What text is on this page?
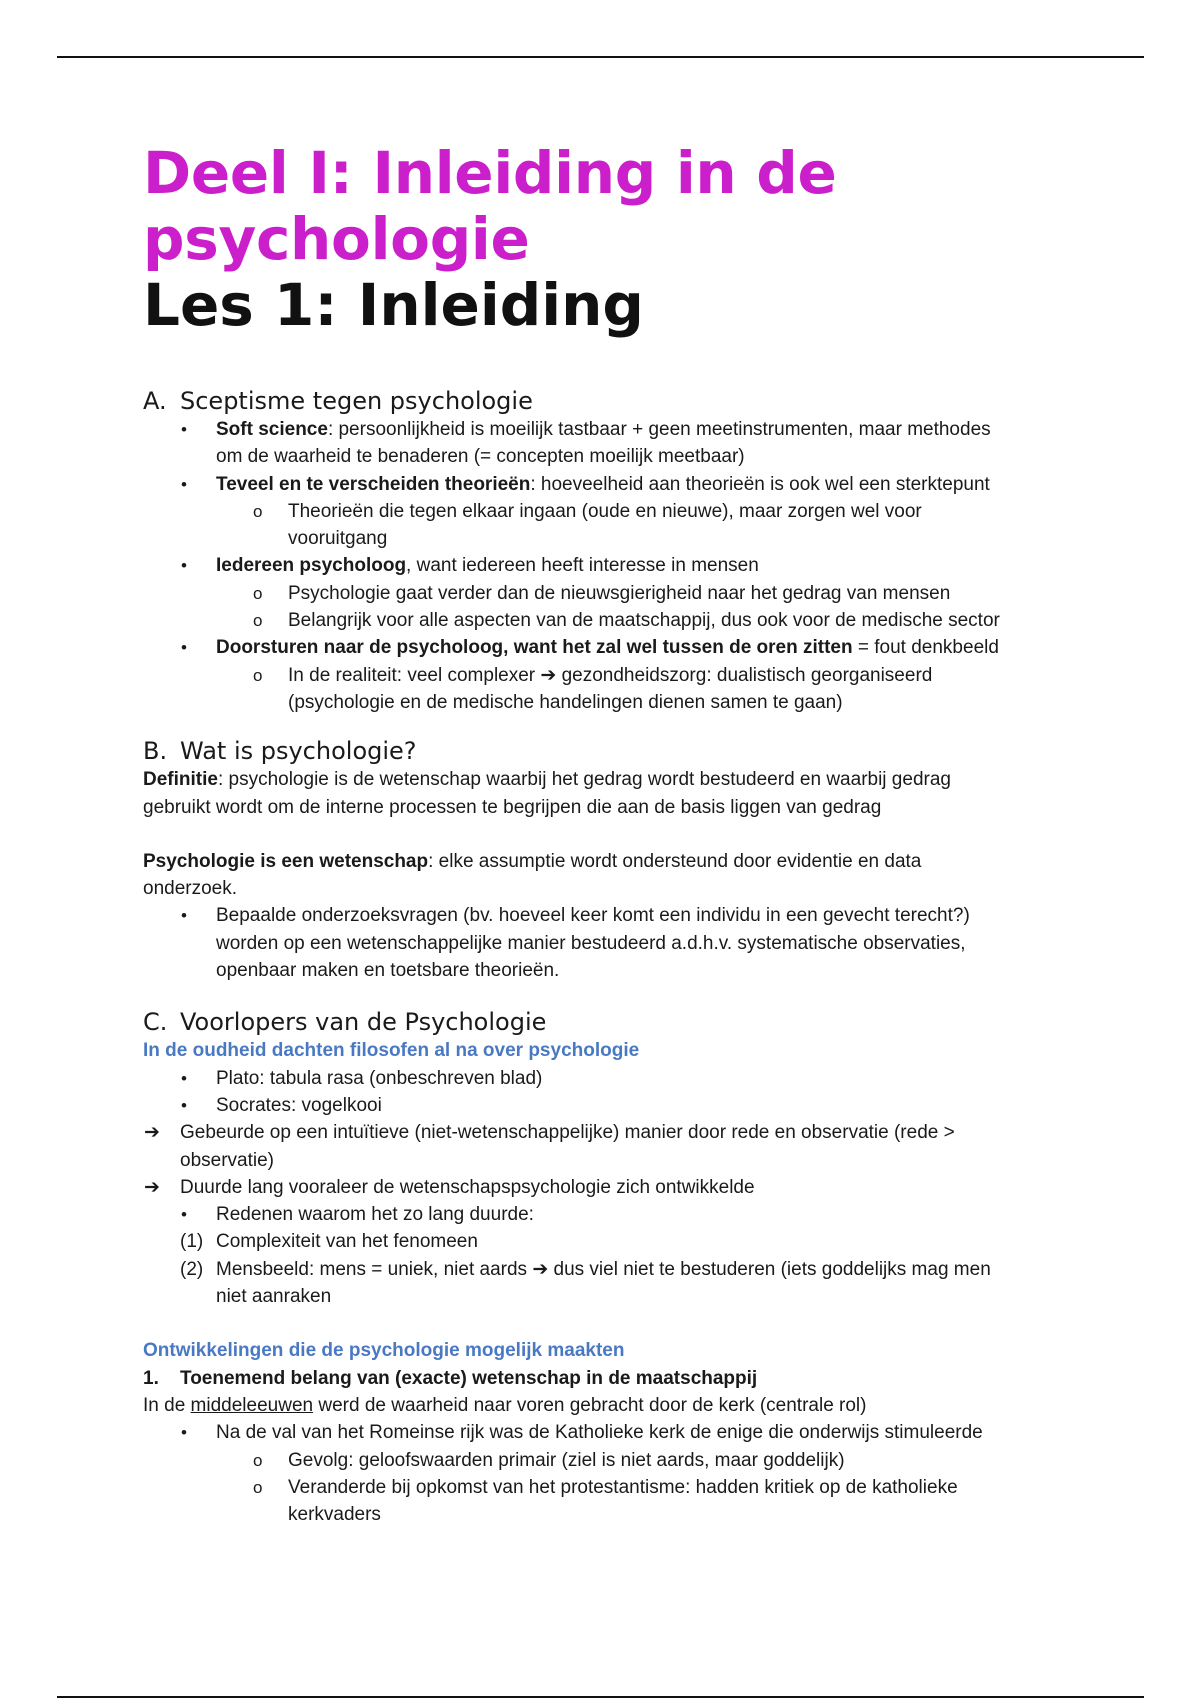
Deel I: Inleiding in de
psychologie
Les 1: Inleiding
A. Sceptisme tegen psychologie
• Soft science: persoonlijkheid is moeilijk tastbaar + geen meetinstrumenten, maar methodes
om de waarheid te benaderen (= concepten moeilijk meetbaar)
• Teveel en te verscheiden theorieën: hoeveelheid aan theorieën is ook wel een sterktepunt
o Theorieën die tegen elkaar ingaan (oude en nieuwe), maar zorgen wel voor
vooruitgang
• Iedereen psycholoog, want iedereen heeft interesse in mensen
o Psychologie gaat verder dan de nieuwsgierigheid naar het gedrag van mensen
o Belangrijk voor alle aspecten van de maatschappij, dus ook voor de medische sector
• Doorsturen naar de psycholoog, want het zal wel tussen de oren zitten = fout denkbeeld
o In de realiteit: veel complexer ➔ gezondheidszorg: dualistisch georganiseerd
(psychologie en de medische handelingen dienen samen te gaan)
B. Wat is psychologie?
Definitie: psychologie is de wetenschap waarbij het gedrag wordt bestudeerd en waarbij gedrag
gebruikt wordt om de interne processen te begrijpen die aan de basis liggen van gedrag
Psychologie is een wetenschap: elke assumptie wordt ondersteund door evidentie en data
onderzoek.
• Bepaalde onderzoeksvragen (bv. hoeveel keer komt een individu in een gevecht terecht?)
worden op een wetenschappelijke manier bestudeerd a.d.h.v. systematische observaties,
openbaar maken en toetsbare theorieën.
C. Voorlopers van de Psychologie
In de oudheid dachten filosofen al na over psychologie
• Plato: tabula rasa (onbeschreven blad)
• Socrates: vogelkooi
➔ Gebeurde op een intuïtieve (niet-wetenschappelijke) manier door rede en observatie (rede >
observatie)
➔ Duurde lang vooraleer de wetenschapspsychologie zich ontwikkelde
• Redenen waarom het zo lang duurde:
(1) Complexiteit van het fenomeen
(2) Mensbeeld: mens = uniek, niet aards ➔ dus viel niet te bestuderen (iets goddelijks mag men
niet aanraken
Ontwikkelingen die de psychologie mogelijk maakten
1. Toenemend belang van (exacte) wetenschap in de maatschappij
In de middeleeuwen werd de waarheid naar voren gebracht door de kerk (centrale rol)
• Na de val van het Romeinse rijk was de Katholieke kerk de enige die onderwijs stimuleerde
o Gevolg: geloofswaarden primair (ziel is niet aards, maar goddelijk)
o Veranderde bij opkomst van het protestantisme: hadden kritiek op de katholieke
kerkvaders
